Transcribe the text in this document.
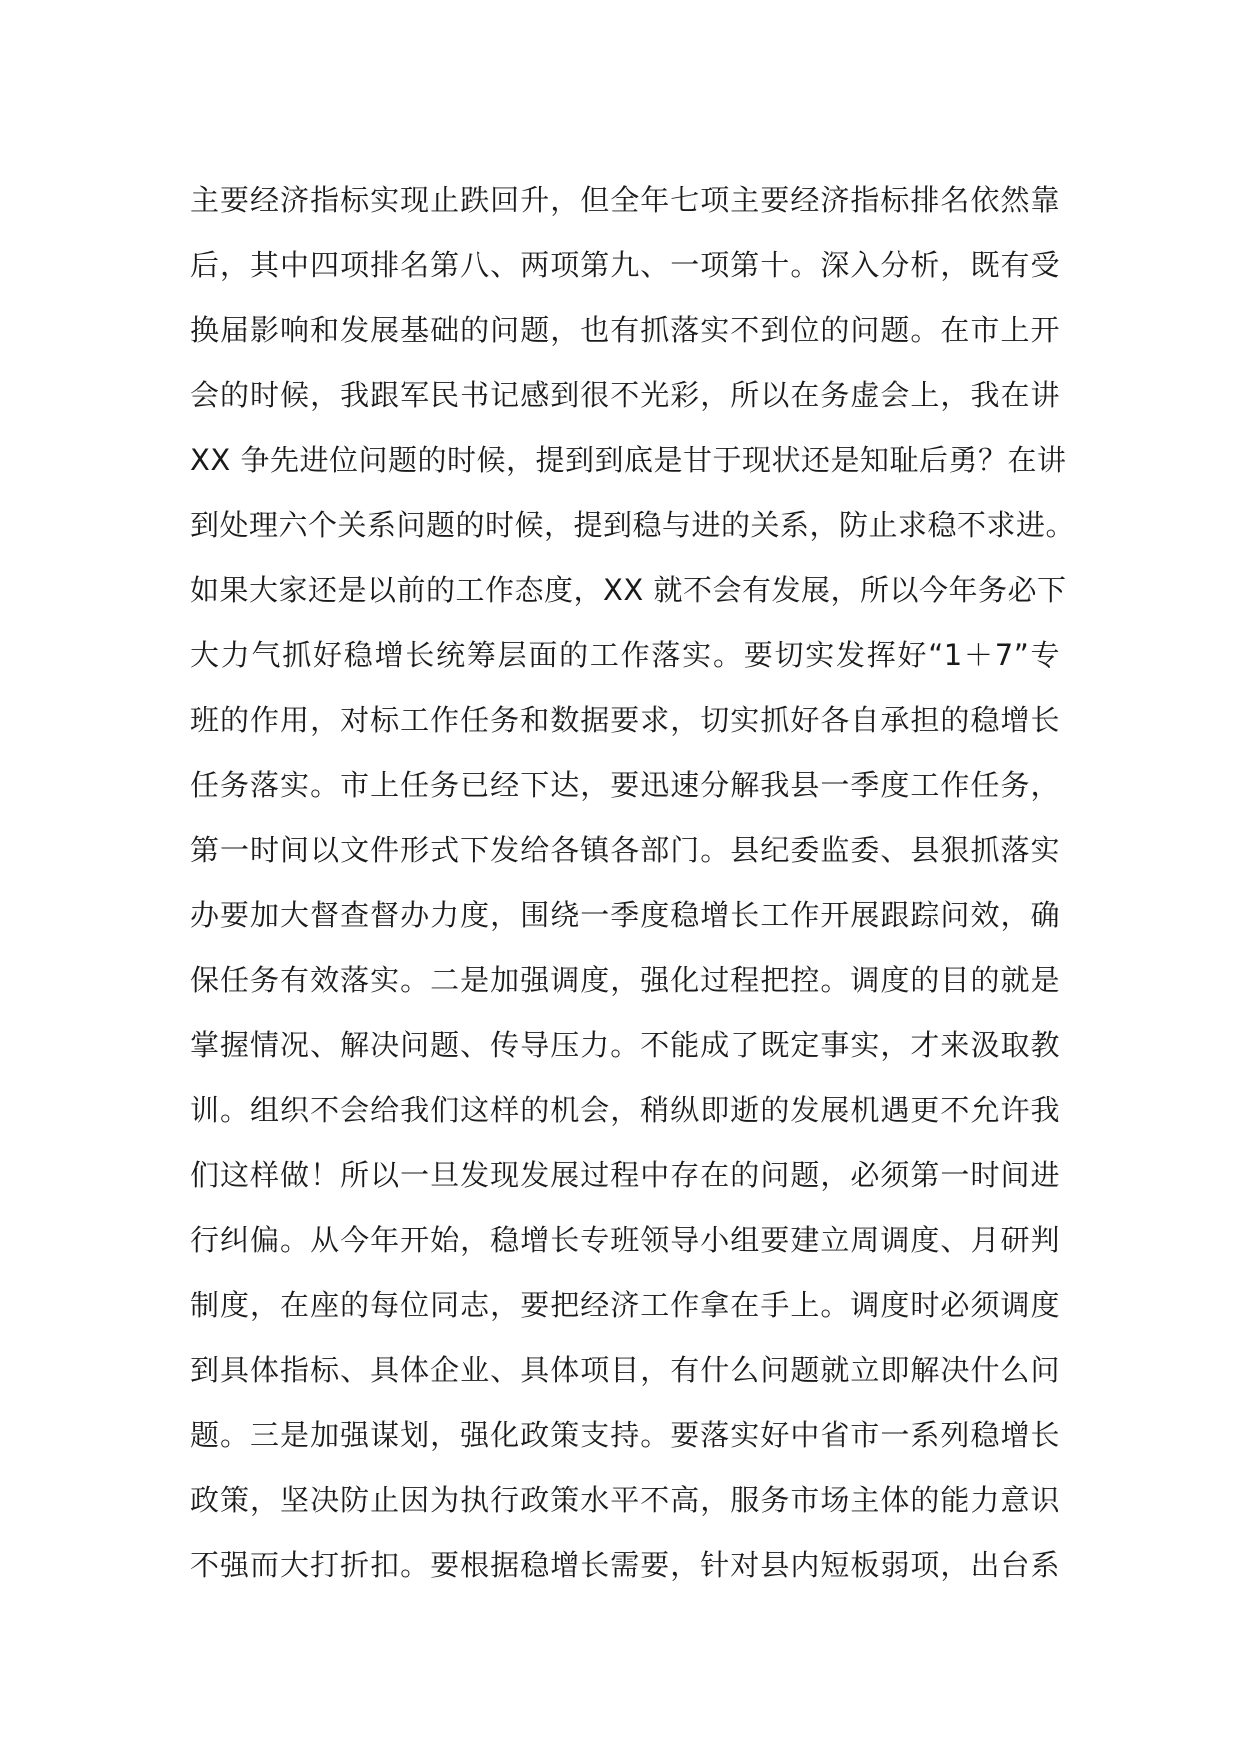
主要经济指标实现止跌回升，但全年七项主要经济指标排名依然靠
后，其中四项排名第八、两项第九、一项第十。深入分析，既有受
换届影响和发展基础的问题，也有抓落实不到位的问题。在市上开
会的时候，我跟军民书记感到很不光彩，所以在务虚会上，我在讲
XX 争先进位问题的时候，提到到底是甘于现状还是知耻后勇？在讲
到处理六个关系问题的时候，提到稳与进的关系，防止求稳不求进。
如果大家还是以前的工作态度，XX 就不会有发展，所以今年务必下
大力气抓好稳增长统筹层面的工作落实。要切实发挥好“1＋7”专
班的作用，对标工作任务和数据要求，切实抓好各自承担的稳增长
任务落实。市上任务已经下达，要迅速分解我县一季度工作任务，
第一时间以文件形式下发给各镇各部门。县纪委监委、县狠抓落实
办要加大督查督办力度，围绕一季度稳增长工作开展跟踪问效，确
保任务有效落实。二是加强调度，强化过程把控。调度的目的就是
掌握情况、解决问题、传导压力。不能成了既定事实，才来汲取教
训。组织不会给我们这样的机会，稍纵即逝的发展机遇更不允许我
们这样做！所以一旦发现发展过程中存在的问题，必须第一时间进
行纠偏。从今年开始，稳增长专班领导小组要建立周调度、月研判
制度，在座的每位同志，要把经济工作拿在手上。调度时必须调度
到具体指标、具体企业、具体项目，有什么问题就立即解决什么问
题。三是加强谋划，强化政策支持。要落实好中省市一系列稳增长
政策，坚决防止因为执行政策水平不高，服务市场主体的能力意识
不强而大打折扣。要根据稳增长需要，针对县内短板弱项，出台系
